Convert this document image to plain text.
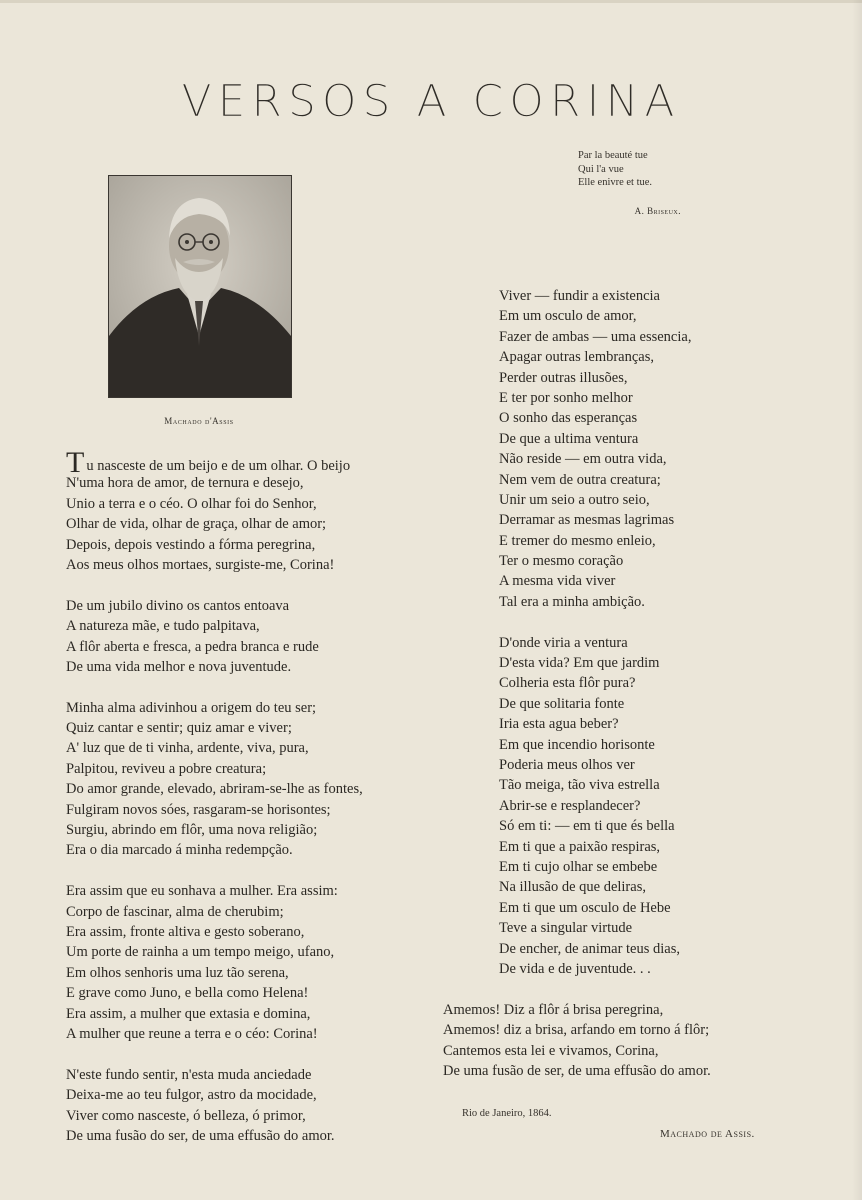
VERSOS A CORINA
Par la beauté tue
Qui l'a vue
Elle enivre et tue.
A. Briseux.
Machado d'Assis
Tu nasceste de um beijo e de um olhar. O beijo
N'uma hora de amor, de ternura e desejo,
Unio a terra e o céo. O olhar foi do Senhor,
Olhar de vida, olhar de graça, olhar de amor;
Depois, depois vestindo a fórma peregrina,
Aos meus olhos mortaes, surgiste-me, Corina!
De um jubilo divino os cantos entoava
A natureza mãe, e tudo palpitava,
A flôr aberta e fresca, a pedra branca e rude
De uma vida melhor e nova juventude.
Minha alma adivinhou a origem do teu ser;
Quiz cantar e sentir; quiz amar e viver;
A' luz que de ti vinha, ardente, viva, pura,
Palpitou, reviveu a pobre creatura;
Do amor grande, elevado, abriram-se-lhe as fontes,
Fulgiram novos sóes, rasgaram-se horisontes;
Surgiu, abrindo em flôr, uma nova religião;
Era o dia marcado á minha redempção.
Era assim que eu sonhava a mulher. Era assim:
Corpo de fascinar, alma de cherubim;
Era assim, fronte altiva e gesto soberano,
Um porte de rainha a um tempo meigo, ufano,
Em olhos senhoris uma luz tão serena,
E grave como Juno, e bella como Helena!
Era assim, a mulher que extasia e domina,
A mulher que reune a terra e o céo: Corina!
N'este fundo sentir, n'esta muda anciedade
Deixa-me ao teu fulgor, astro da mocidade,
Viver como nasceste, ó belleza, ó primor,
De uma fusão do ser, de uma effusão do amor.
Viver — fundir a existencia
Em um osculo de amor,
Fazer de ambas — uma essencia,
Apagar outras lembranças,
Perder outras illusões,
E ter por sonho melhor
O sonho das esperanças
De que a ultima ventura
Não reside — em outra vida,
Nem vem de outra creatura;
Unir um seio a outro seio,
Derramar as mesmas lagrimas
E tremer do mesmo enleio,
Ter o mesmo coração
A mesma vida viver
Tal era a minha ambição.
D'onde viria a ventura
D'esta vida? Em que jardim
Colheria esta flôr pura?
De que solitaria fonte
Iria esta agua beber?
Em que incendio horisonte
Poderia meus olhos ver
Tão meiga, tão viva estrella
Abrir-se e resplandecer?
Só em ti: — em ti que és bella
Em ti que a paixão respiras,
Em ti cujo olhar se embebe
Na illusão de que deliras,
Em ti que um osculo de Hebe
Teve a singular virtude
De encher, de animar teus dias,
De vida e de juventude. . .
Amemos! Diz a flôr á brisa peregrina,
Amemos! diz a brisa, arfando em torno á flôr;
Cantemos esta lei e vivamos, Corina,
De uma fusão de ser, de uma effusão do amor.
Rio de Janeiro, 1864.
Machado de Assis.
